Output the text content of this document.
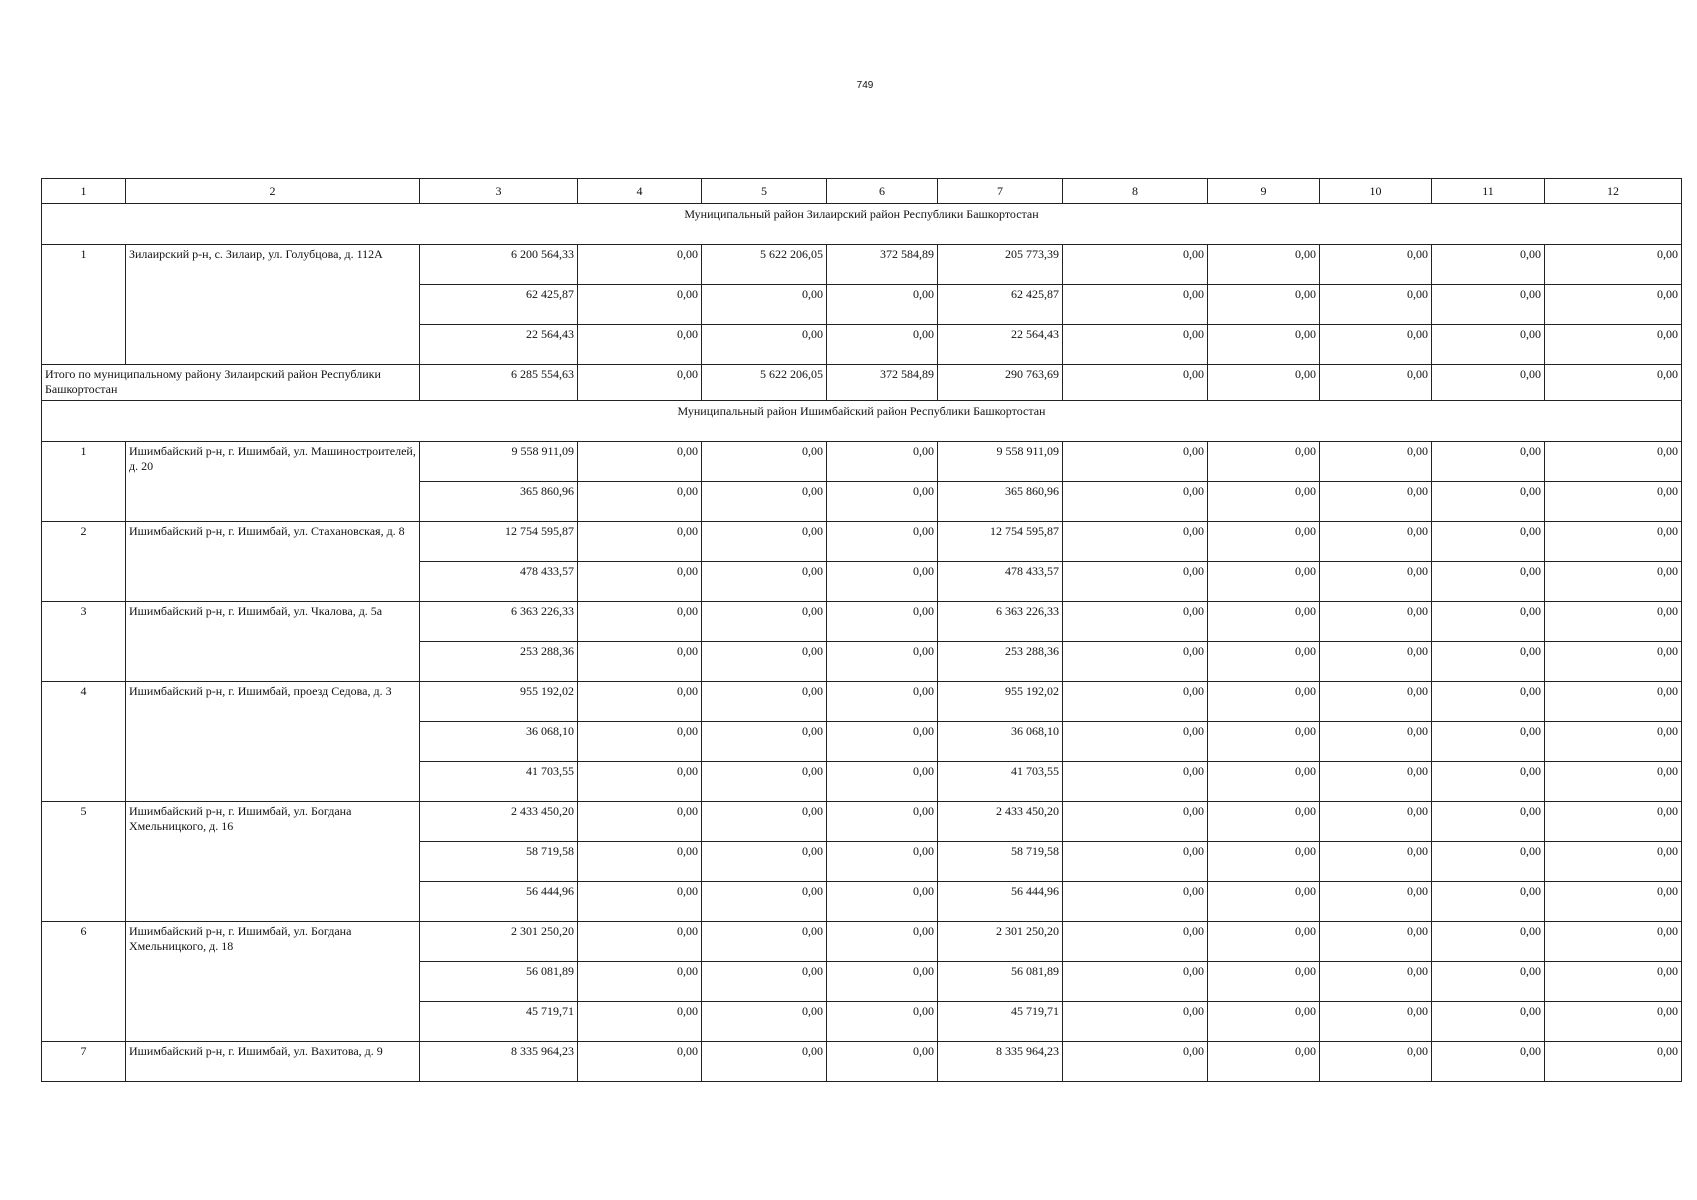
749
1	2	3	4	5	6	7	8	9	10	11	12
Муниципальный район Зилаирский район Республики Башкортостан											
1	Зилаирский р-н, с. Зилаир, ул. Голубцова, д. 112А	6 200 564,33	0,00	5 622 206,05	372 584,89	205 773,39	0,00	0,00	0,00	0,00	0,00
		62 425,87	0,00	0,00	0,00	62 425,87	0,00	0,00	0,00	0,00	0,00
		22 564,43	0,00	0,00	0,00	22 564,43	0,00	0,00	0,00	0,00	0,00
Итого по муниципальному району Зилаирский район Республики Башкортостан		6 285 554,63	0,00	5 622 206,05	372 584,89	290 763,69	0,00	0,00	0,00	0,00	0,00
Муниципальный район Ишимбайский район Республики Башкортостан											
1	Ишимбайский р-н, г. Ишимбай, ул. Машиностроителей, д. 20	9 558 911,09	0,00	0,00	0,00	9 558 911,09	0,00	0,00	0,00	0,00	0,00
		365 860,96	0,00	0,00	0,00	365 860,96	0,00	0,00	0,00	0,00	0,00
2	Ишимбайский р-н, г. Ишимбай, ул. Стахановская, д. 8	12 754 595,87	0,00	0,00	0,00	12 754 595,87	0,00	0,00	0,00	0,00	0,00
		478 433,57	0,00	0,00	0,00	478 433,57	0,00	0,00	0,00	0,00	0,00
3	Ишимбайский р-н, г. Ишимбай, ул. Чкалова, д. 5а	6 363 226,33	0,00	0,00	0,00	6 363 226,33	0,00	0,00	0,00	0,00	0,00
		253 288,36	0,00	0,00	0,00	253 288,36	0,00	0,00	0,00	0,00	0,00
4	Ишимбайский р-н, г. Ишимбай, проезд Седова, д. 3	955 192,02	0,00	0,00	0,00	955 192,02	0,00	0,00	0,00	0,00	0,00
		36 068,10	0,00	0,00	0,00	36 068,10	0,00	0,00	0,00	0,00	0,00
		41 703,55	0,00	0,00	0,00	41 703,55	0,00	0,00	0,00	0,00	0,00
5	Ишимбайский р-н, г. Ишимбай, ул. Богдана Хмельницкого, д. 16	2 433 450,20	0,00	0,00	0,00	2 433 450,20	0,00	0,00	0,00	0,00	0,00
		58 719,58	0,00	0,00	0,00	58 719,58	0,00	0,00	0,00	0,00	0,00
		56 444,96	0,00	0,00	0,00	56 444,96	0,00	0,00	0,00	0,00	0,00
6	Ишимбайский р-н, г. Ишимбай, ул. Богдана Хмельницкого, д. 18	2 301 250,20	0,00	0,00	0,00	2 301 250,20	0,00	0,00	0,00	0,00	0,00
		56 081,89	0,00	0,00	0,00	56 081,89	0,00	0,00	0,00	0,00	0,00
		45 719,71	0,00	0,00	0,00	45 719,71	0,00	0,00	0,00	0,00	0,00
7	Ишимбайский р-н, г. Ишимбай, ул. Вахитова, д. 9	8 335 964,23	0,00	0,00	0,00	8 335 964,23	0,00	0,00	0,00	0,00	0,00
